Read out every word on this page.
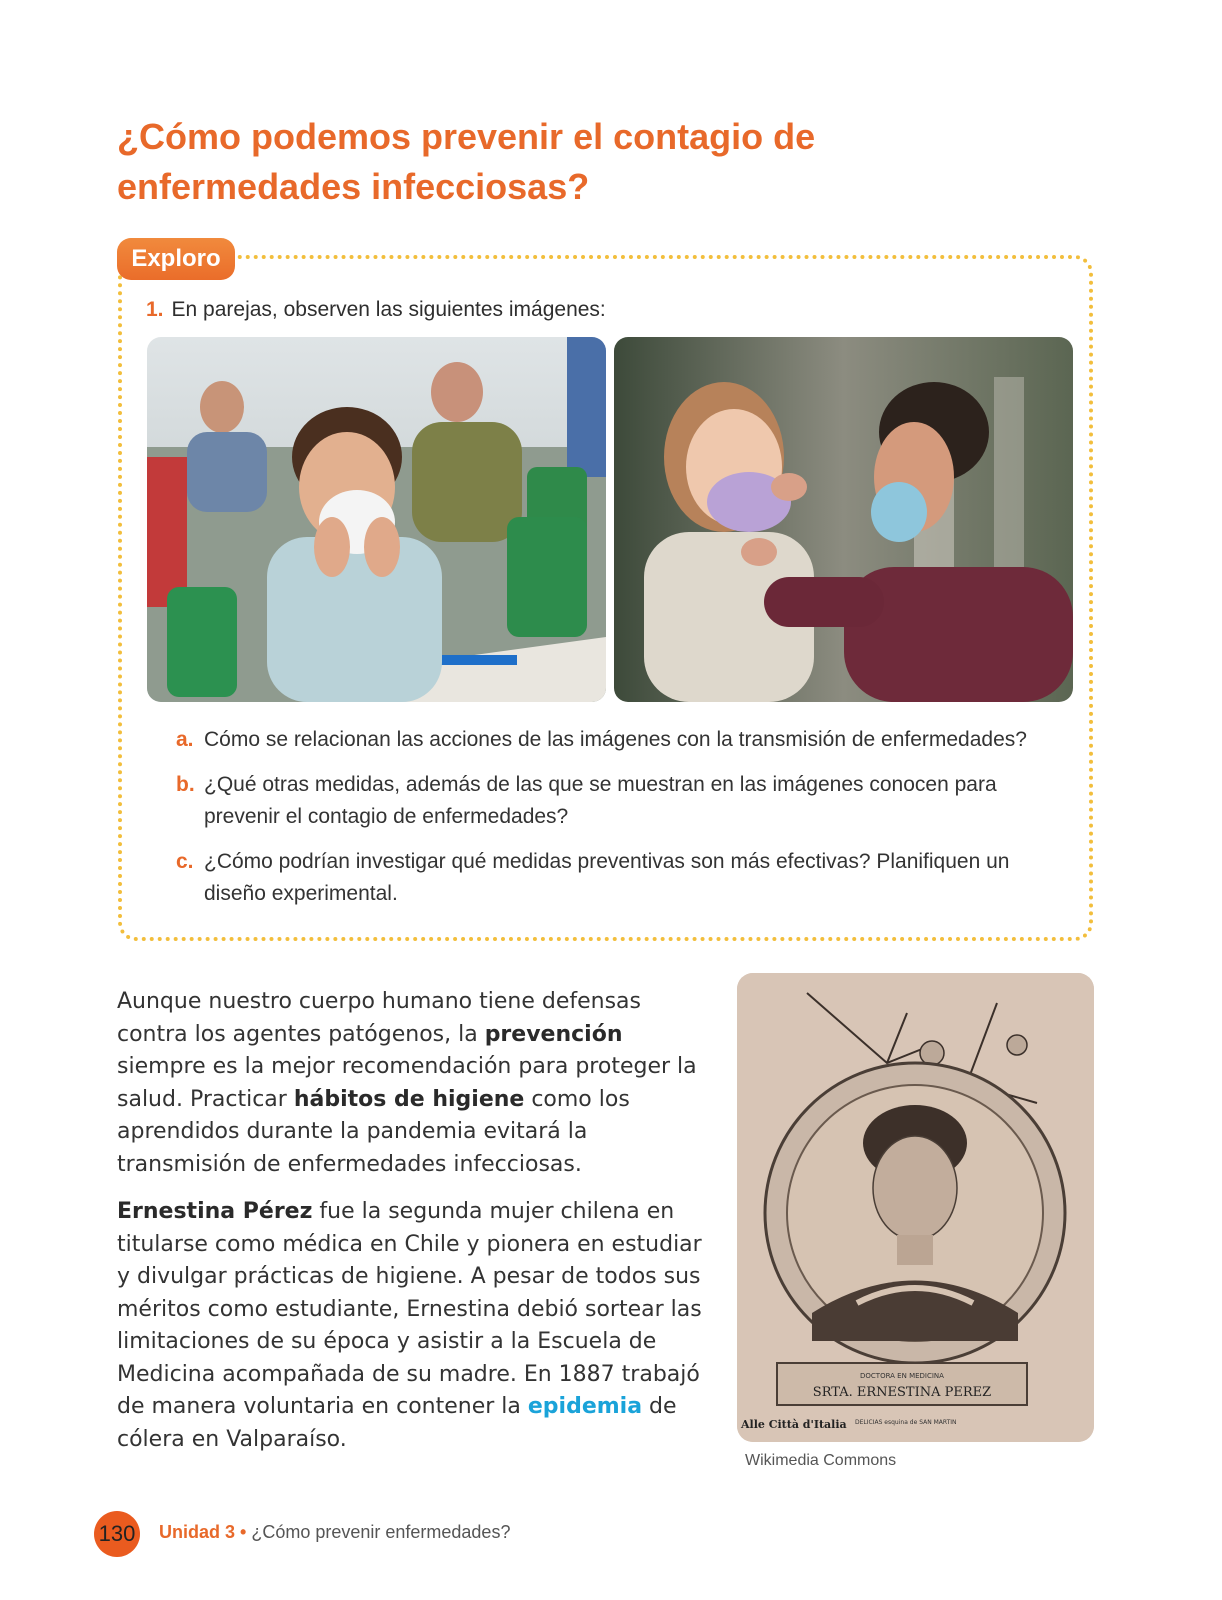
¿Cómo podemos prevenir el contagio de
enfermedades infecciosas?
Exploro
1. En parejas, observen las siguientes imágenes:
a. Cómo se relacionan las acciones de las imágenes con la transmisión de enfermedades?
b. ¿Qué otras medidas, además de las que se muestran en las imágenes conocen para
prevenir el contagio de enfermedades?
c. ¿Cómo podrían investigar qué medidas preventivas son más efectivas? Planifiquen un
diseño experimental.

Aunque nuestro cuerpo humano tiene defensas contra los agentes patógenos, la prevención siempre es la mejor recomendación para proteger la salud. Practicar hábitos de higiene como los aprendidos durante la pandemia evitará la transmisión de enfermedades infecciosas.

Ernestina Pérez fue la segunda mujer chilena en titularse como médica en Chile y pionera en estudiar y divulgar prácticas de higiene. A pesar de todos sus méritos como estudiante, Ernestina debió sortear las limitaciones de su época y asistir a la Escuela de Medicina acompañada de su madre. En 1887 trabajó de manera voluntaria en contener la epidemia de cólera en Valparaíso.

DOCTORA EN MEDICINA
SRTA. ERNESTINA PEREZ
Alle Città d'Italia DELICIAS esquina de SAN MARTIN
Wikimedia Commons
130 Unidad 3 • ¿Cómo prevenir enfermedades?
